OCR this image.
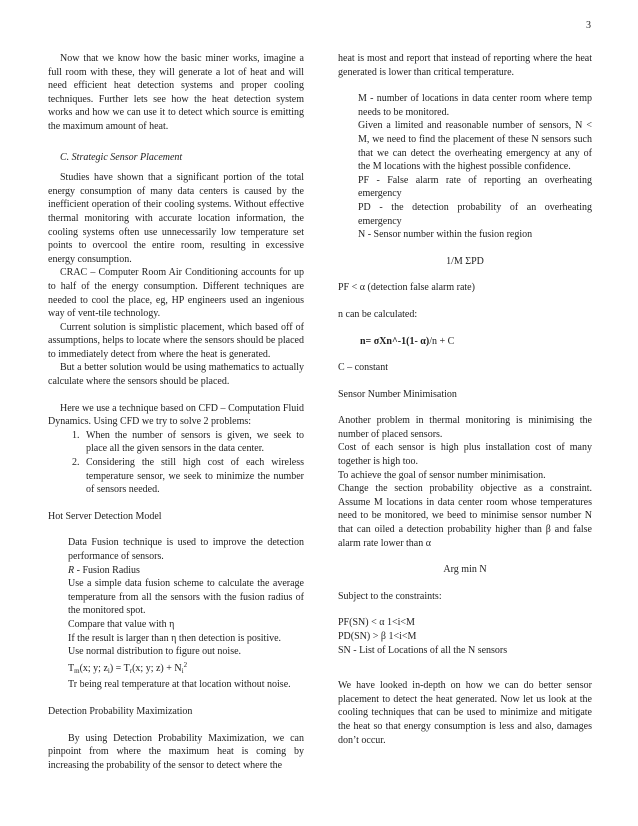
3

Now that we know how the basic miner works, imagine a full room with these, they will generate a lot of heat and will need efficient heat detection systems and proper cooling techniques. Further lets see how the heat detection system works and how we can use it to detect which source is emitting the maximum amount of heat.

C. Strategic Sensor Placement

Studies have shown that a significant portion of the total energy consumption of many data centers is caused by the inefficient operation of their cooling systems. Without effective thermal monitoring with accurate location information, the cooling systems often use unnecessarily low temperature set points to overcool the entire room, resulting in excessive energy consumption.

CRAC – Computer Room Air Conditioning accounts for up to half of the energy consumption. Different techniques are needed to cool the place, eg, HP engineers used an ingenious way of vent-tile technology.

Current solution is simplistic placement, which based off of assumptions, helps to locate where the sensors should be placed to immediately detect from where the heat is generated.

But a better solution would be using mathematics to actually calculate where the sensors should be placed.

Here we use a technique based on CFD – Computation Fluid Dynamics. Using CFD we try to solve 2 problems:

1. When the number of sensors is given, we seek to place all the given sensors in the data center.
2. Considering the still high cost of each wireless temperature sensor, we seek to minimize the number of sensors needed.

Hot Server Detection Model

Data Fusion technique is used to improve the detection performance of sensors.

R - Fusion Radius

Use a simple data fusion scheme to calculate the average temperature from all the sensors with the fusion radius of the monitored spot.

Compare that value with η

If the result is larger than η then detection is positive.

Use normal distribution to figure out noise.

$T_m(x$; y; $z_i) = T_r(x$; y; $z) + N_i^2$

Tr being real temperature at that location without noise.

Detection Probability Maximization

By using Detection Probability Maximization, we can pinpoint from where the maximum heat is coming by increasing the probability of the sensor to detect where the

heat is most and report that instead of reporting where the heat generated is lower than critical temperature.

M - number of locations in data center room where temp needs to be monitored.

Given a limited and reasonable number of sensors, N < M, we need to find the placement of these N sensors such that we can detect the overheating emergency at any of the M locations with the highest possible confidence.

PF - False alarm rate of reporting an overheating emergency

PD - the detection probability of an overheating emergency

N - Sensor number within the fusion region

1/M ΣPD

PF < α (detection false alarm rate)

n can be calculated:

n= σXn^-1(1- α)/n + C

C – constant

Sensor Number Minimisation

Another problem in thermal monitoring is minimising the number of placed sensors.

Cost of each sensor is high plus installation cost of many together is high too.

To achieve the goal of sensor number minimisation.

Change the section probability objective as a constraint. Assume M locations in data center room whose temperatures need to be monitored, we beed to minimise sensor number N that can oiled a detection probability higher than β and false alarm rate lower than α

Arg min N

Subject to the constraints:

PF(SN) < α 1<i<M

PD(SN) > β 1<i<M

SN - List of Locations of all the N sensors

We have looked in-depth on how we can do better sensor placement to detect the heat generated. Now let us look at the cooling techniques that can be used to minimize and mitigate the heat so that energy consumption is less and also, damages don’t occur.
